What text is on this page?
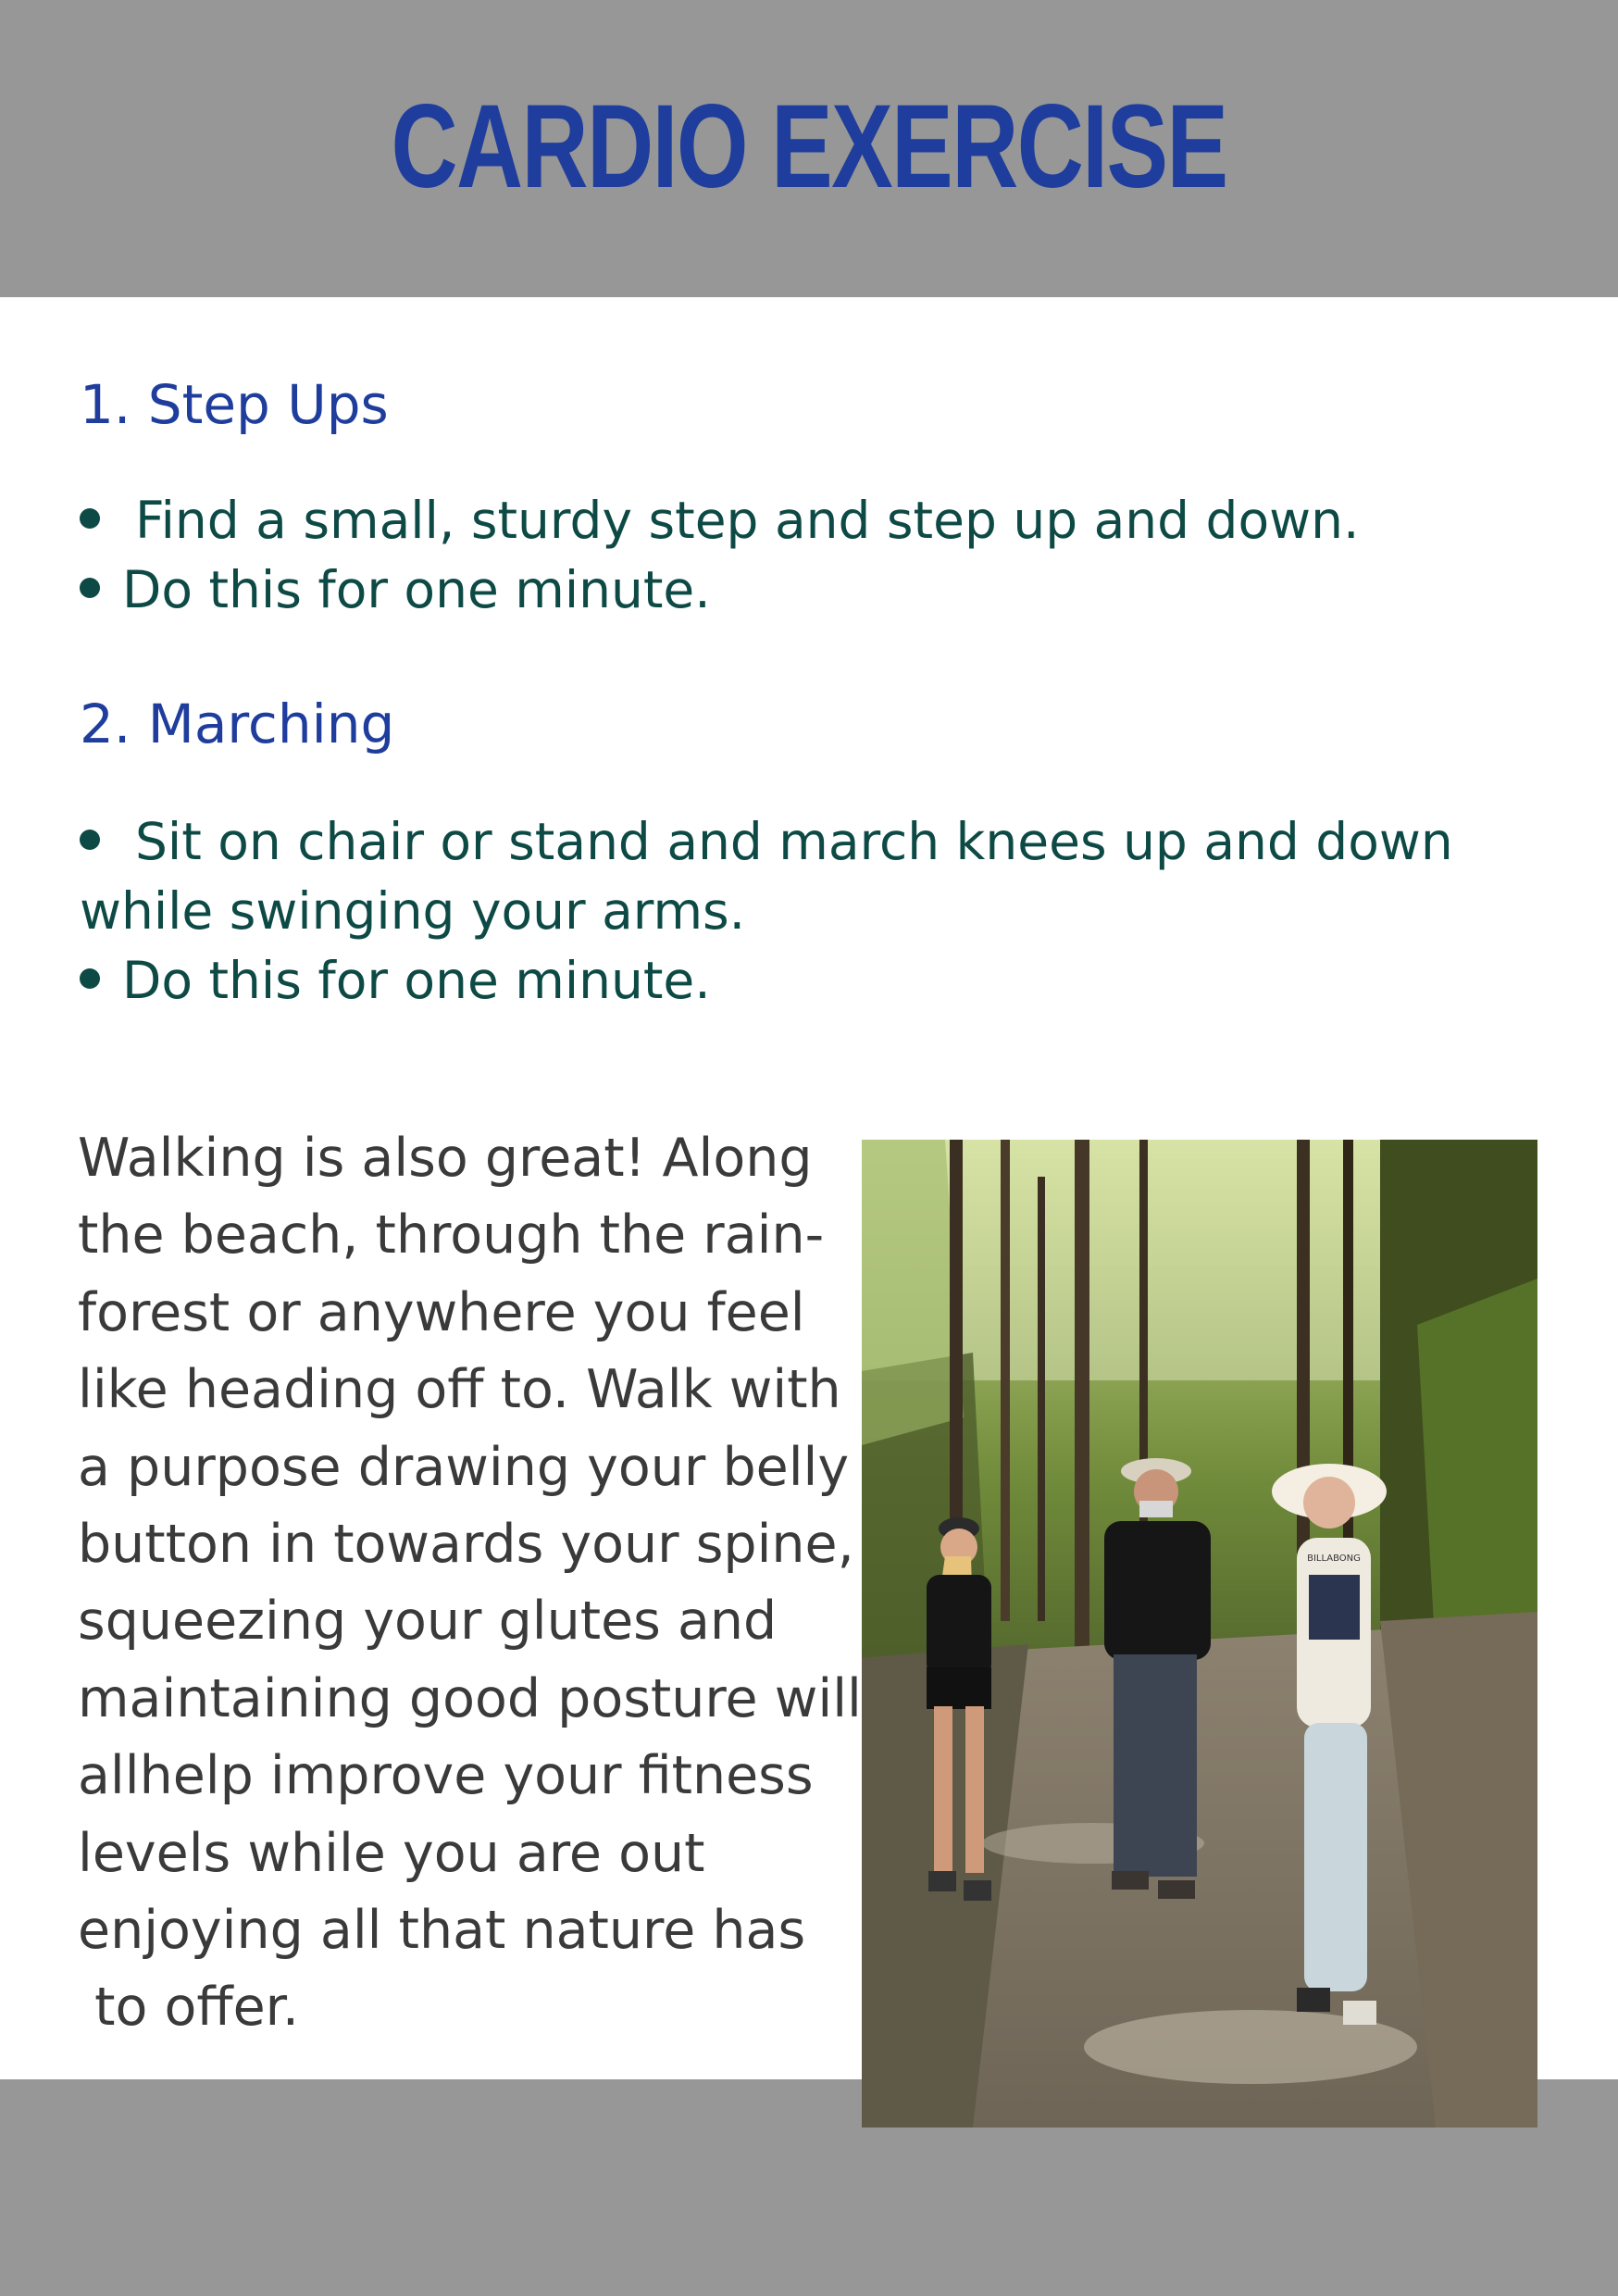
CARDIO EXERCISE
1. Step Ups
Find a small, sturdy step and step up and down.
Do this for one minute.
2. Marching
Sit on chair or stand and march knees up and down
while swinging your arms.
Do this for one minute.
Walking is also great! Along
the beach, through the rain-
forest or anywhere you feel
like heading off to. Walk with
a purpose drawing your belly
button in towards your spine,
squeezing your glutes and
maintaining good posture will
allhelp improve your fitness
levels while you are out
enjoying all that nature has
to offer.
BILLABONG
